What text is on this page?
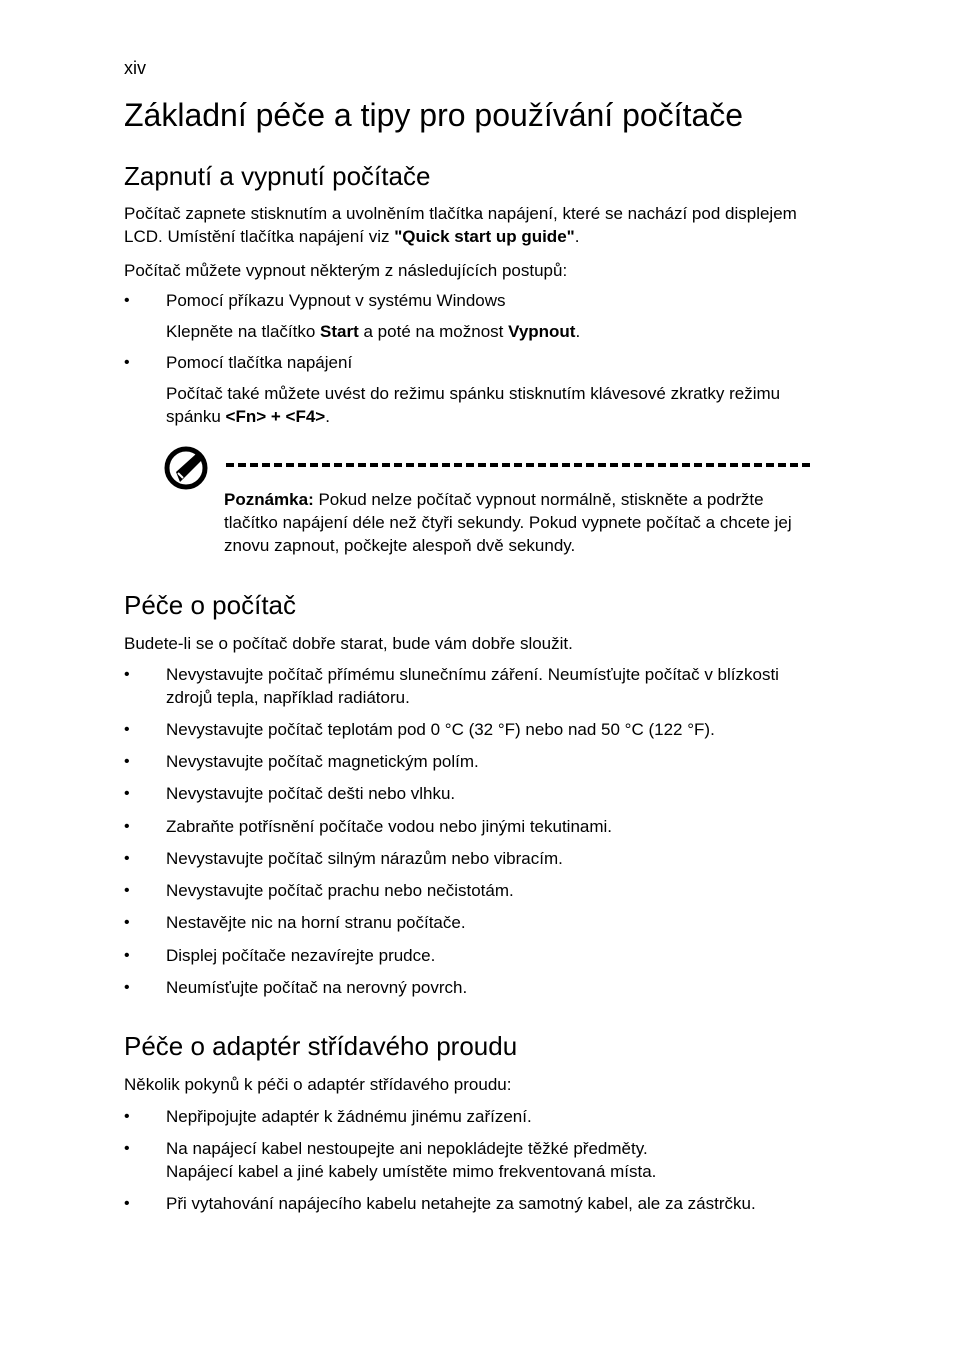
xiv
Základní péče a tipy pro používání počítače
Zapnutí a vypnutí počítače

Počítač zapnete stisknutím a uvolněním tlačítka napájení, které se nachází pod displejem LCD. Umístění tlačítka napájení viz "Quick start up guide".

Počítač můžete vypnout některým z následujících postupů:

• Pomocí příkazu Vypnout v systému Windows

Klepněte na tlačítko Start a poté na možnost Vypnout.

• Pomocí tlačítka napájení

Počítač také můžete uvést do režimu spánku stisknutím klávesové zkratky režimu spánku <Fn> + <F4>.

Poznámka: Pokud nelze počítač vypnout normálně, stiskněte a podržte tlačítko napájení déle než čtyři sekundy. Pokud vypnete počítač a chcete jej znovu zapnout, počkejte alespoň dvě sekundy.

Péče o počítač

Budete-li se o počítač dobře starat, bude vám dobře sloužit.

• Nevystavujte počítač přímému slunečnímu záření. Neumísťujte počítač v blízkosti zdrojů tepla, například radiátoru.

• Nevystavujte počítač teplotám pod 0 °C (32 °F) nebo nad 50 °C (122 °F).

• Nevystavujte počítač magnetickým polím.

• Nevystavujte počítač dešti nebo vlhku.

• Zabraňte potřísnění počítače vodou nebo jinými tekutinami.

• Nevystavujte počítač silným nárazům nebo vibracím.

• Nevystavujte počítač prachu nebo nečistotám.

• Nestavějte nic na horní stranu počítače.

• Displej počítače nezavírejte prudce.

• Neumísťujte počítač na nerovný povrch.

Péče o adaptér střídavého proudu

Několik pokynů k péči o adaptér střídavého proudu:

• Nepřipojujte adaptér k žádnému jinému zařízení.

• Na napájecí kabel nestoupejte ani nepokládejte těžké předměty.
Napájecí kabel a jiné kabely umístěte mimo frekventovaná místa.

• Při vytahování napájecího kabelu netahejte za samotný kabel, ale za zástrčku.
